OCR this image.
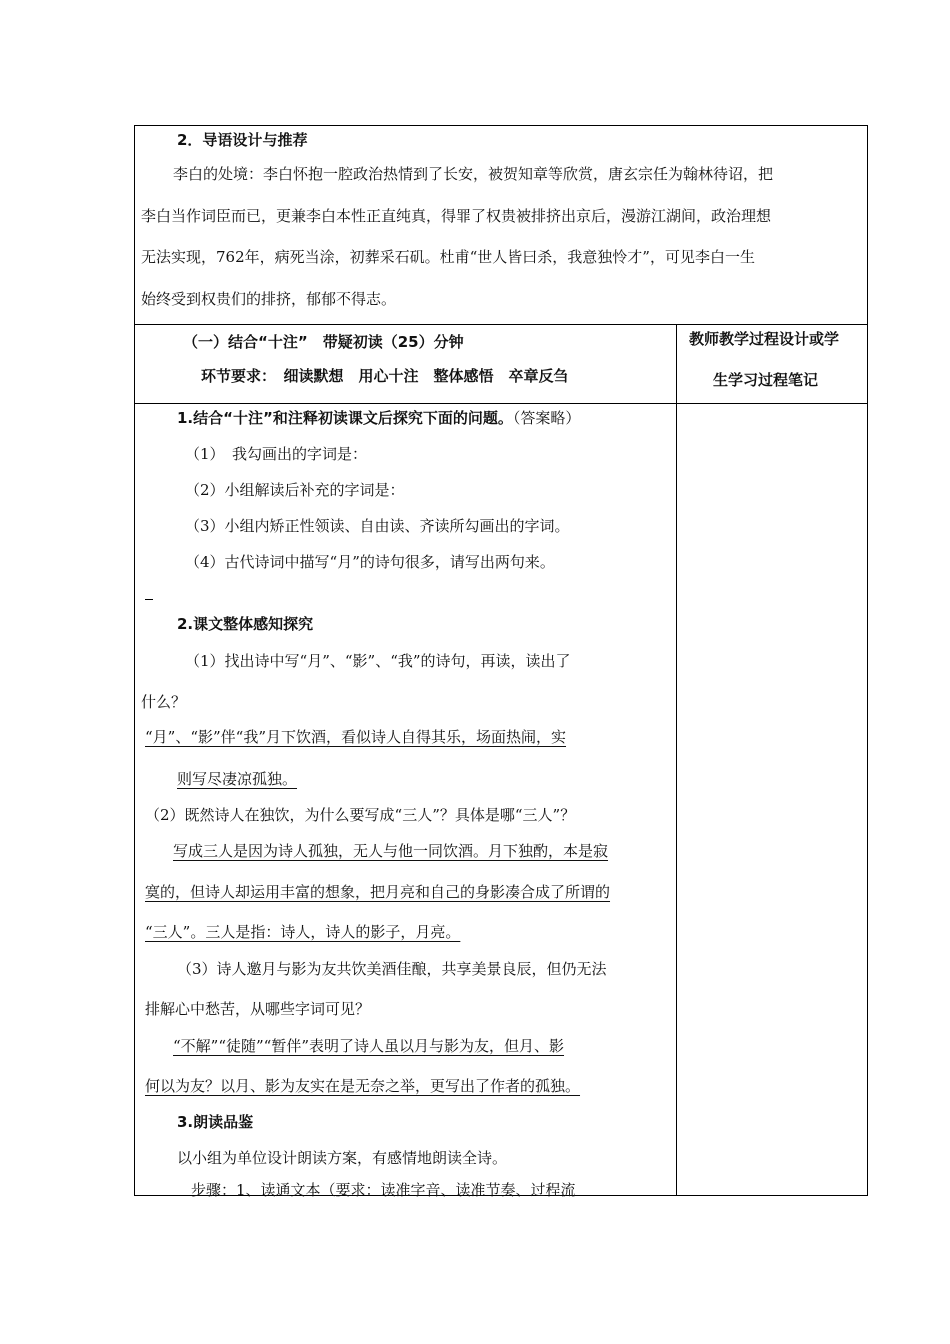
2．导语设计与推荐
李白的处境：李白怀抱一腔政治热情到了长安，被贺知章等欣赏，唐玄宗任为翰林待诏，把
李白当作词臣而已，更兼李白本性正直纯真，得罪了权贵被排挤出京后，漫游江湖间，政治理想
无法实现，762年，病死当涂，初葬采石矶。杜甫“世人皆曰杀，我意独怜才”，可见李白一生
始终受到权贵们的排挤，郁郁不得志。
（一）结合“十注”　带疑初读（25）分钟
环节要求：　细读默想　用心十注　整体感悟　卒章反刍
教师教学过程设计或学
生学习过程笔记
1.结合“十注”和注释初读课文后探究下面的问题。（答案略）
（1）　我勾画出的字词是：
（2）小组解读后补充的字词是：
（3）小组内矫正性领读、自由读、齐读所勾画出的字词。
（4）古代诗词中描写“月”的诗句很多，请写出两句来。
2.课文整体感知探究
（1）找出诗中写“月”、“影”、“我”的诗句，再读，读出了
什么？
“月”、“影”伴“我”月下饮酒，看似诗人自得其乐，场面热闹，实
则写尽凄凉孤独。
（2）既然诗人在独饮，为什么要写成“三人”？具体是哪“三人”？
写成三人是因为诗人孤独，无人与他一同饮酒。月下独酌，本是寂
寞的，但诗人却运用丰富的想象，把月亮和自己的身影凑合成了所谓的
“三人”。三人是指：诗人，诗人的影子，月亮。
（3）诗人邀月与影为友共饮美酒佳酿，共享美景良辰，但仍无法
排解心中愁苦，从哪些字词可见？
“不解”“徒随”“暂伴”表明了诗人虽以月与影为友，但月、影
何以为友？以月、影为友实在是无奈之举，更写出了作者的孤独。
3.朗读品鉴
以小组为单位设计朗读方案，有感情地朗读全诗。
步骤：1、读通文本（要求：读准字音、读准节奏、过程流
